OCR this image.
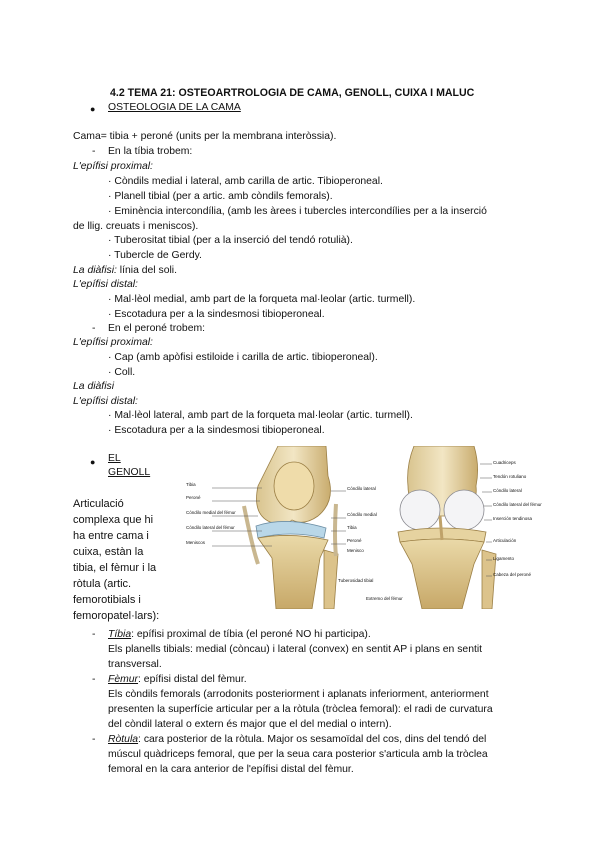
4.2 TEMA 21: OSTEOARTROLOGIA DE CAMA, GENOLL, CUIXA I MALUC
● OSTEOLOGIA DE LA CAMA
Cama= tibia + peroné (units per la membrana interòssia).
- En la tíbia trobem:
L'epífisi proximal:
· Còndils medial i lateral, amb carilla de artic. Tibioperoneal.
· Planell tibial (per a artic. amb còndils femorals).
· Eminència intercondília, (amb les àrees i tubercles intercondílies per a la inserció
de llig. creuats i meniscos).
· Tuberositat tibial (per a la inserció del tendó rotulià).
· Tubercle de Gerdy.
La diàfisi: línia del soli.
L'epífisi distal:
· Mal·lèol medial, amb part de la forqueta mal·leolar (artic. turmell).
· Escotadura per a la sindesmosi tibioperoneal.
- En el peroné trobem:
L'epífisi proximal:
· Cap (amb apòfisi estiloide i carilla de artic. tibioperoneal).
· Coll.
La diàfisi
L'epífisi distal:
· Mal·lèol lateral, amb part de la forqueta mal·leolar (artic. turmell).
· Escotadura per a la sindesmosi tibioperoneal.
● EL
GENOLL
Articulació
complexa que hi
ha entre cama i
cuixa, estàn la
tibia, el fèmur i la
ròtula (artic.
femorotibials i
femoropatel·lars):
Tibia
Peroné
Cóndilo medial del fémur
Cóndilo lateral del fémur
Meniscos
Cóndilo lateral
Cóndilo medial
Tibia
Peroné
Menisco
Cuadriceps
Tendón rotuliano
Cóndilo lateral
Cóndilo lateral del fémur
Inserción tendinosa
Articulación
Ligamento
Cabeza del peroné
Tuberosidad tibial
Extremo del fémur
- Tíbia: epífisi proximal de tíbia (el peroné NO hi participa).
Els planells tibials: medial (còncau) i lateral (convex) en sentit AP i plans en sentit
transversal.
- Fèmur: epífisi distal del fèmur.
Els còndils femorals (arrodonits posteriorment i aplanats inferiorment, anteriorment
presenten la superfície articular per a la ròtula (tròclea femoral): el radi de curvatura
del còndil lateral o extern és major que el del medial o intern).
- Ròtula: cara posterior de la ròtula. Major os sesamoïdal del cos, dins del tendó del
múscul quàdriceps femoral, que per la seua cara posterior s'articula amb la tròclea
femoral en la cara anterior de l'epífisi distal del fèmur.
